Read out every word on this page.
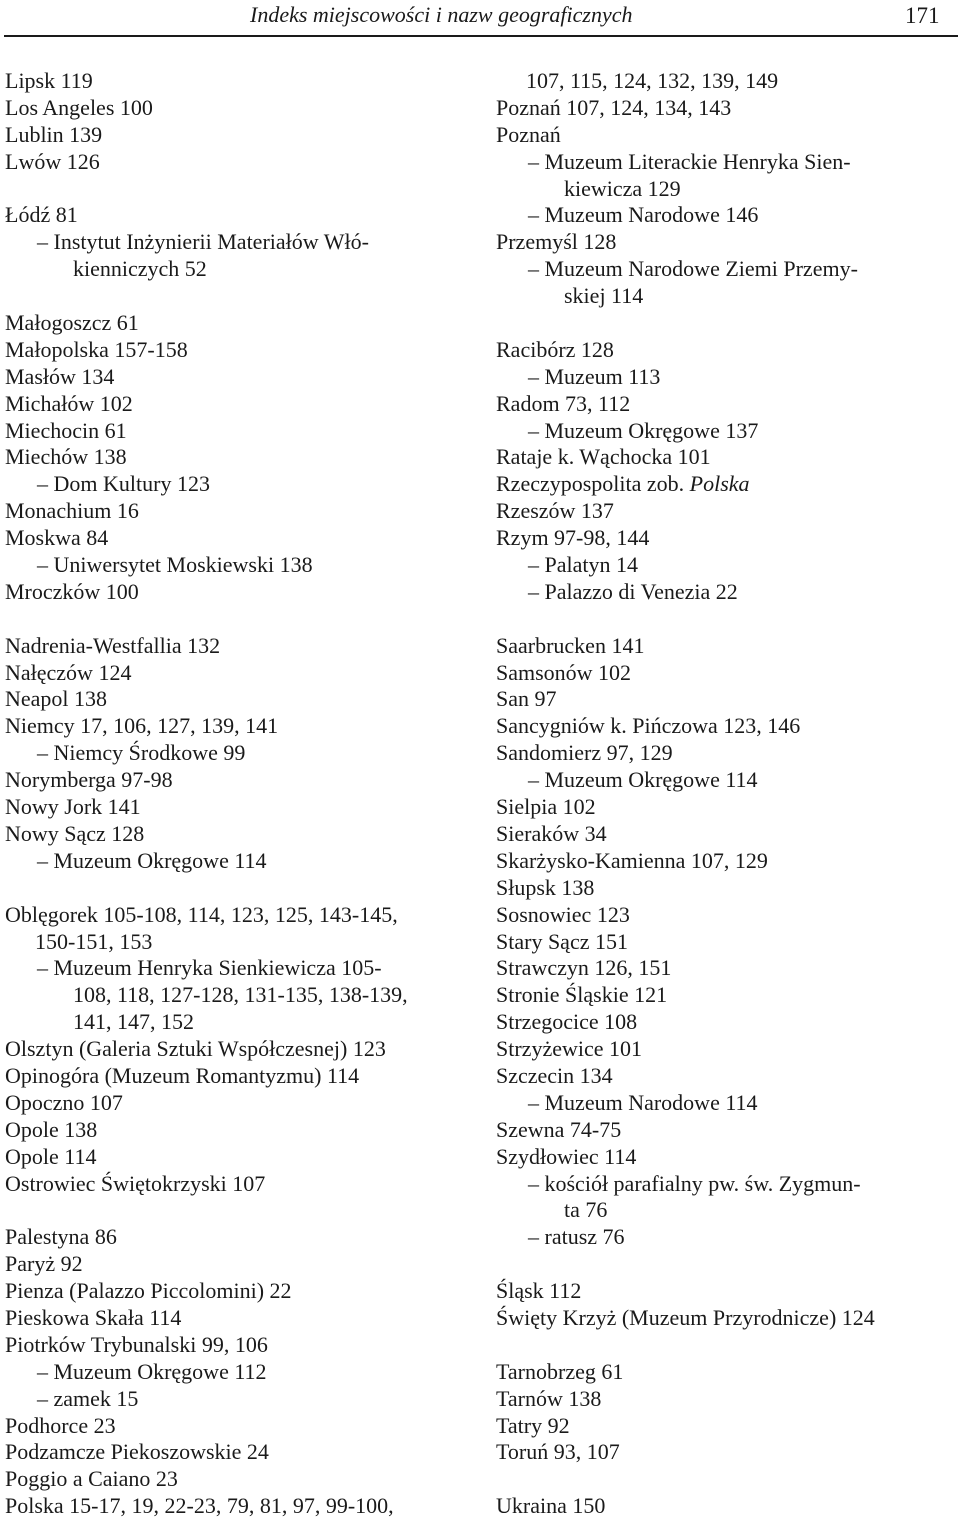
Indeks miejscowości i nazw geograficznych	171
Lipsk 119
Los Angeles 100
Lublin 139
Lwów 126
Łódź 81
– Instytut Inżynierii Materiałów Włó-
kienniczych 52
Małogoszcz 61
Małopolska 157-158
Masłów 134
Michałów 102
Miechocin 61
Miechów 138
– Dom Kultury 123
Monachium 16
Moskwa 84
– Uniwersytet Moskiewski 138
Mroczków 100
Nadrenia-Westfallia 132
Nałęczów 124
Neapol 138
Niemcy 17, 106, 127, 139, 141
– Niemcy Środkowe 99
Norymberga 97-98
Nowy Jork 141
Nowy Sącz 128
– Muzeum Okręgowe 114
Oblęgorek 105-108, 114, 123, 125, 143-145,
150-151, 153
– Muzeum Henryka Sienkiewicza 105-
108, 118, 127-128, 131-135, 138-139,
141, 147, 152
Olsztyn (Galeria Sztuki Współczesnej) 123
Opinogóra (Muzeum Romantyzmu) 114
Opoczno 107
Opole 138
Opole 114
Ostrowiec Świętokrzyski 107
Palestyna 86
Paryż 92
Pienza (Palazzo Piccolomini) 22
Pieskowa Skała 114
Piotrków Trybunalski 99, 106
– Muzeum Okręgowe 112
– zamek 15
Podhorce 23
Podzamcze Piekoszowskie 24
Poggio a Caiano 23
Polska 15-17, 19, 22-23, 79, 81, 97, 99-100,
107, 115, 124, 132, 139, 149
Poznań 107, 124, 134, 143
Poznań
– Muzeum Literackie Henryka Sien-
kiewicza 129
– Muzeum Narodowe 146
Przemyśl 128
– Muzeum Narodowe Ziemi Przemy-
skiej 114
Racibórz 128
– Muzeum 113
Radom 73, 112
– Muzeum Okręgowe 137
Rataje k. Wąchocka 101
Rzeczypospolita zob. Polska
Rzeszów 137
Rzym 97-98, 144
– Palatyn 14
– Palazzo di Venezia 22
Saarbrucken 141
Samsonów 102
San 97
Sancygniów k. Pińczowa 123, 146
Sandomierz 97, 129
– Muzeum Okręgowe 114
Sielpia 102
Sieraków 34
Skarżysko-Kamienna 107, 129
Słupsk 138
Sosnowiec 123
Stary Sącz 151
Strawczyn 126, 151
Stronie Śląskie 121
Strzegocice 108
Strzyżewice 101
Szczecin 134
– Muzeum Narodowe 114
Szewna 74-75
Szydłowiec 114
– kościół parafialny pw. św. Zygmun-
ta 76
– ratusz 76
Śląsk 112
Święty Krzyż (Muzeum Przyrodnicze) 124
Tarnobrzeg 61
Tarnów 138
Tatry 92
Toruń 93, 107
Ukraina 150
